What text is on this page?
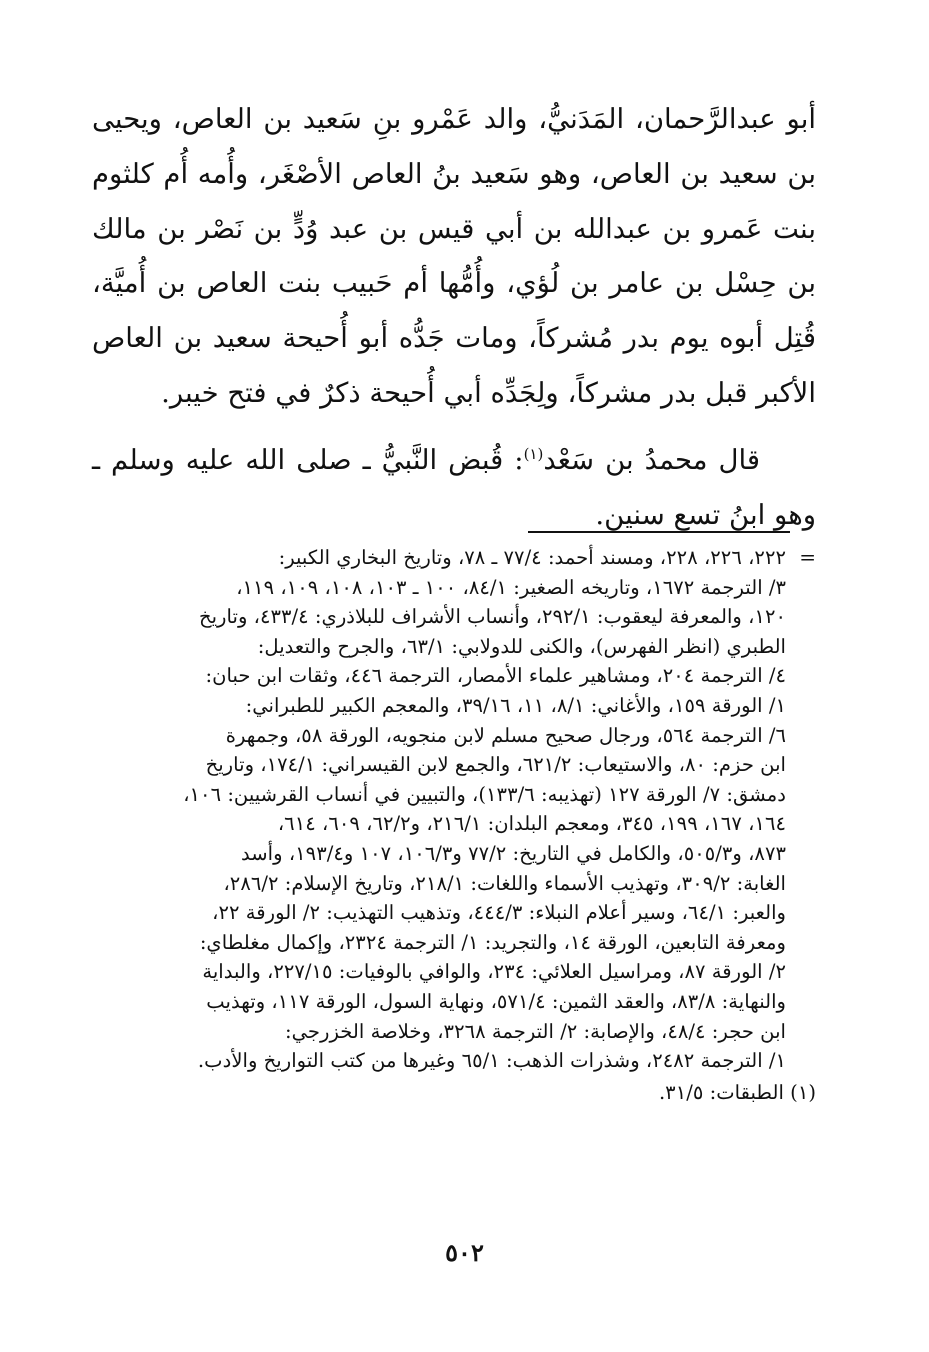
أبو عبدالرَّحمان، المَدَنيُّ، والد عَمْرو بنِ سَعيد بن العاص، ويحيى بن سعيد بن العاص، وهو سَعيد بنُ العاص الأصْغَر، وأُمه أُم كلثوم بنت عَمرو بن عبدالله بن أبي قيس بن عبد وُدٍّ بن نَصْر بن مالك بن حِسْل بن عامر بن لُؤي، وأُمُّها أم حَبيب بنت العاص بن أُميَّة، قُتِل أبوه يوم بدر مُشركاً، ومات جَدُّه أبو أُحيحة سعيد بن العاص الأكبر قبل بدر مشركاً، ولِجَدِّه أبي أُحيحة ذكرٌ في فتح خيبر.

قال محمدُ بن سَعْد$^{(١)}$: قُبض النَّبيُّ ـ صلى الله عليه وسلم ـ وهو ابنُ تسع سنين.

=

٢٢٢، ٢٢٦، ٢٢٨، ومسند أحمد: ٧٧/٤ ـ ٧٨، وتاريخ البخاري الكبير:

٣/ الترجمة ١٦٧٢، وتاريخه الصغير: ٨٤/١، ١٠٠ ـ ١٠٣، ١٠٨، ١٠٩، ١١٩،

١٢٠، والمعرفة ليعقوب: ٢٩٢/١، وأنساب الأشراف للبلاذري: ٤٣٣/٤، وتاريخ

الطبري (انظر الفهرس)، والكنى للدولابي: ٦٣/١، والجرح والتعديل:

٤/ الترجمة ٢٠٤، ومشاهير علماء الأمصار، الترجمة ٤٤٦، وثقات ابن حبان:

١/ الورقة ١٥٩، والأغاني: ٨/١، ١١، ٣٩/١٦، والمعجم الكبير للطبراني:

٦/ الترجمة ٥٦٤، ورجال صحيح مسلم لابن منجويه، الورقة ٥٨، وجمهرة

ابن حزم: ٨٠، والاستيعاب: ٦٢١/٢، والجمع لابن القيسراني: ١٧٤/١، وتاريخ

دمشق: ٧/ الورقة ١٢٧ (تهذيبه: ١٣٣/٦)، والتبيين في أنساب القرشيين: ١٠٦،

١٦٤، ١٦٧، ١٩٩، ٣٤٥، ومعجم البلدان: ٢١٦/١، و٦٢/٢، ٦٠٩، ٦١٤،

٨٧٣، و٥٠٥/٣، والكامل في التاريخ: ٧٧/٢ و١٠٦/٣، ١٠٧ و١٩٣/٤، وأسد

الغابة: ٣٠٩/٢، وتهذيب الأسماء واللغات: ٢١٨/١، وتاريخ الإسلام: ٢٨٦/٢،

والعبر: ٦٤/١، وسير أعلام النبلاء: ٤٤٤/٣، وتذهيب التهذيب: ٢/ الورقة ٢٢،

ومعرفة التابعين، الورقة ١٤، والتجريد: ١/ الترجمة ٢٣٢٤، وإكمال مغلطاي:

٢/ الورقة ٨٧، ومراسيل العلائي: ٢٣٤، والوافي بالوفيات: ٢٢٧/١٥، والبداية

والنهاية: ٨٣/٨، والعقد الثمين: ٥٧١/٤، ونهاية السول، الورقة ١١٧، وتهذيب

ابن حجر: ٤٨/٤، والإصابة: ٢/ الترجمة ٣٢٦٨، وخلاصة الخزرجي:

١/ الترجمة ٢٤٨٢، وشذرات الذهب: ٦٥/١ وغيرها من كتب التواريخ والأدب.

(١) الطبقات: ٣١/٥.

٥٠٢
